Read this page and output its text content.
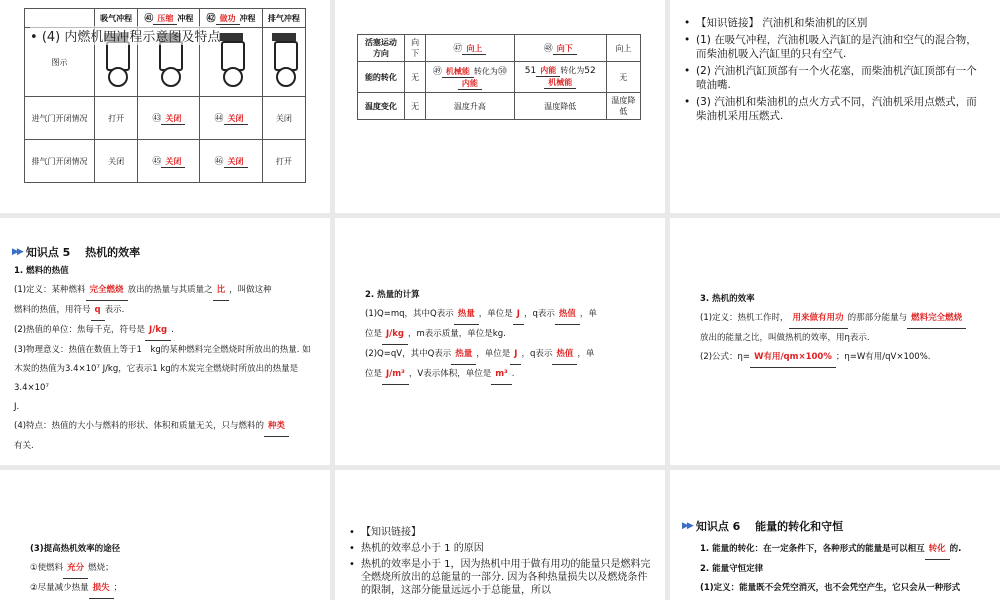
	吸气冲程	㊶ 压缩 冲程	㊷ 做功 冲程	排气冲程
图示	

进气门开闭情况	打开	㊸ 关闭	㊹ 关闭	关闭
排气门开闭情况	关闭	㊺ 关闭	㊻ 关闭	打开
• (4) 内燃机四冲程示意图及特点	活塞运动方向	向下	㊼ 向上	㊽ 向下	向上
能的转化	无	㊾ 机械能 转化为㊿内能	51 内能 转化为52机械能	无
温度变化	无	温度升高	温度降低	温度降低
• 【知识链接】 汽油机和柴油机的区别
• (1) 在吸气冲程，汽油机吸入汽缸的是汽油和空气的混合物，而柴油机吸入汽缸里的只有空气.
• (2) 汽油机汽缸顶部有一个火花塞，而柴油机汽缸顶部有一个喷油嘴.
• (3) 汽油机和柴油机的点火方式不同，汽油机采用点燃式，而柴油机采用压燃式.
▶▶ 知识点 5　 热机的效率

1. 燃料的热值

(1)定义：某种燃料 完全燃烧 放出的热量与其质量之 比 ，叫做这种

燃料的热值，用符号 q 表示.

(2)热值的单位：焦每千克，符号是 J/kg .

(3)物理意义：热值在数值上等于1　kg的某种燃料完全燃烧时所放出的热量. 如

木炭的热值为3.4×10⁷ J/kg，它表示1 kg的木炭完全燃烧时所放出的热量是3.4×10⁷

J.

(4)特点：热值的大小与燃料的形状、体积和质量无关，只与燃料的 种类

有关.

2. 热量的计算

(1)Q=mq，其中Q表示 热量 ，单位是 J ，q表示 热值 ，单

位是 J/kg ，m表示质量，单位是kg.

(2)Q=qV，其中Q表示 热量 ，单位是 J ，q表示 热值 ，单

位是 J/m³ ，V表示体积，单位是 m³ .

3. 热机的效率

(1)定义：热机工作时， 用来做有用功 的那部分能量与 燃料完全燃烧

放出的能量之比，叫做热机的效率，用η表示.

(2)公式：η= W有用/qm×100% ；η=W有用/qV×100%.

(3)提高热机效率的途径

①使燃料 充分 燃烧；

②尽量减少热量 损失 ；

• 【知识链接】
• 热机的效率总小于 1 的原因
• 热机的效率是小于 1，因为热机中用于做有用功的能量只是燃料完全燃烧所放出的总能量的一部分. 因为各种热量损失以及燃烧条件的限制，这部分能量远远小于总能量，所以
▶▶ 知识点 6　 能量的转化和守恒

1. 能量的转化：在一定条件下，各种形式的能量是可以相互 转化 的.

2. 能量守恒定律

(1)定义：能量既不会凭空消灭，也不会凭空产生，它只会从一种形式
